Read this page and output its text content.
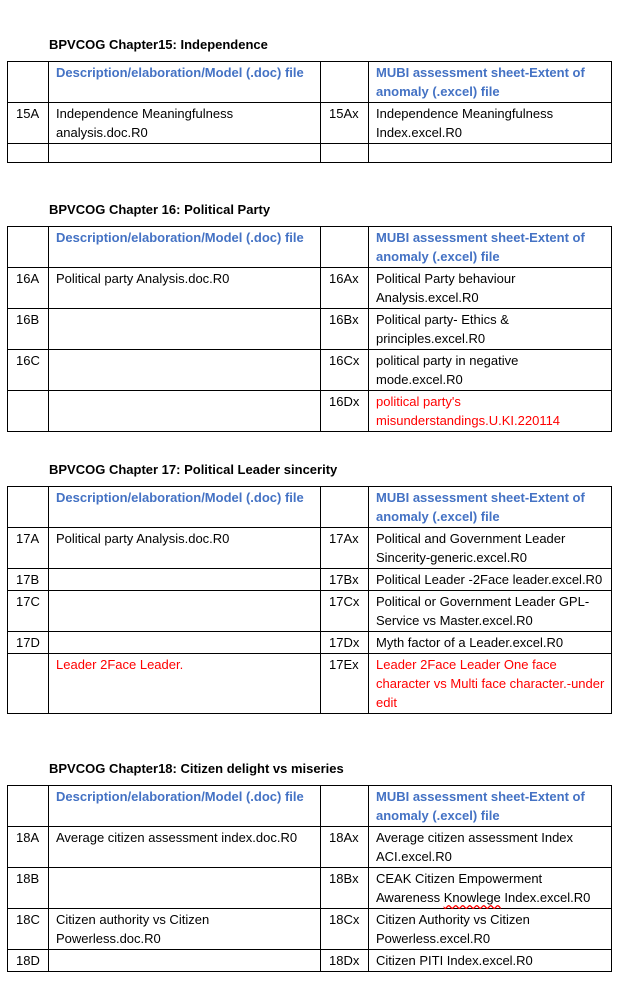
BPVCOG Chapter15: Independence
	Description/elaboration/Model (.doc) file		MUBI assessment sheet-Extent of anomaly (.excel) file
15A	Independence Meaningfulness analysis.doc.R0	15Ax	Independence Meaningfulness Index.excel.R0

BPVCOG Chapter 16: Political Party
	Description/elaboration/Model (.doc) file		MUBI assessment sheet-Extent of anomaly (.excel) file
16A	Political party Analysis.doc.R0	16Ax	Political Party behaviour Analysis.excel.R0
16B		16Bx	Political party- Ethics & principles.excel.R0
16C		16Cx	political party in negative mode.excel.R0
		16Dx	political party's misunderstandings.U.KI.220114
BPVCOG Chapter 17: Political Leader sincerity
	Description/elaboration/Model (.doc) file		MUBI assessment sheet-Extent of anomaly (.excel) file
17A	Political party Analysis.doc.R0	17Ax	Political and Government Leader Sincerity-generic.excel.R0
17B		17Bx	Political Leader -2Face leader.excel.R0
17C		17Cx	Political or Government Leader GPL- Service vs Master.excel.R0
17D		17Dx	Myth factor of a Leader.excel.R0
	Leader 2Face Leader.	17Ex	Leader 2Face Leader One face character vs Multi face character.-under edit
BPVCOG Chapter18: Citizen delight vs miseries
	Description/elaboration/Model (.doc) file		MUBI assessment sheet-Extent of anomaly (.excel) file
18A	Average citizen assessment index.doc.R0	18Ax	Average citizen assessment Index ACI.excel.R0
18B		18Bx	CEAK Citizen Empowerment Awareness Knowlege Index.excel.R0
18C	Citizen authority vs Citizen Powerless.doc.R0	18Cx	Citizen Authority vs Citizen Powerless.excel.R0
18D		18Dx	Citizen PITI Index.excel.R0
